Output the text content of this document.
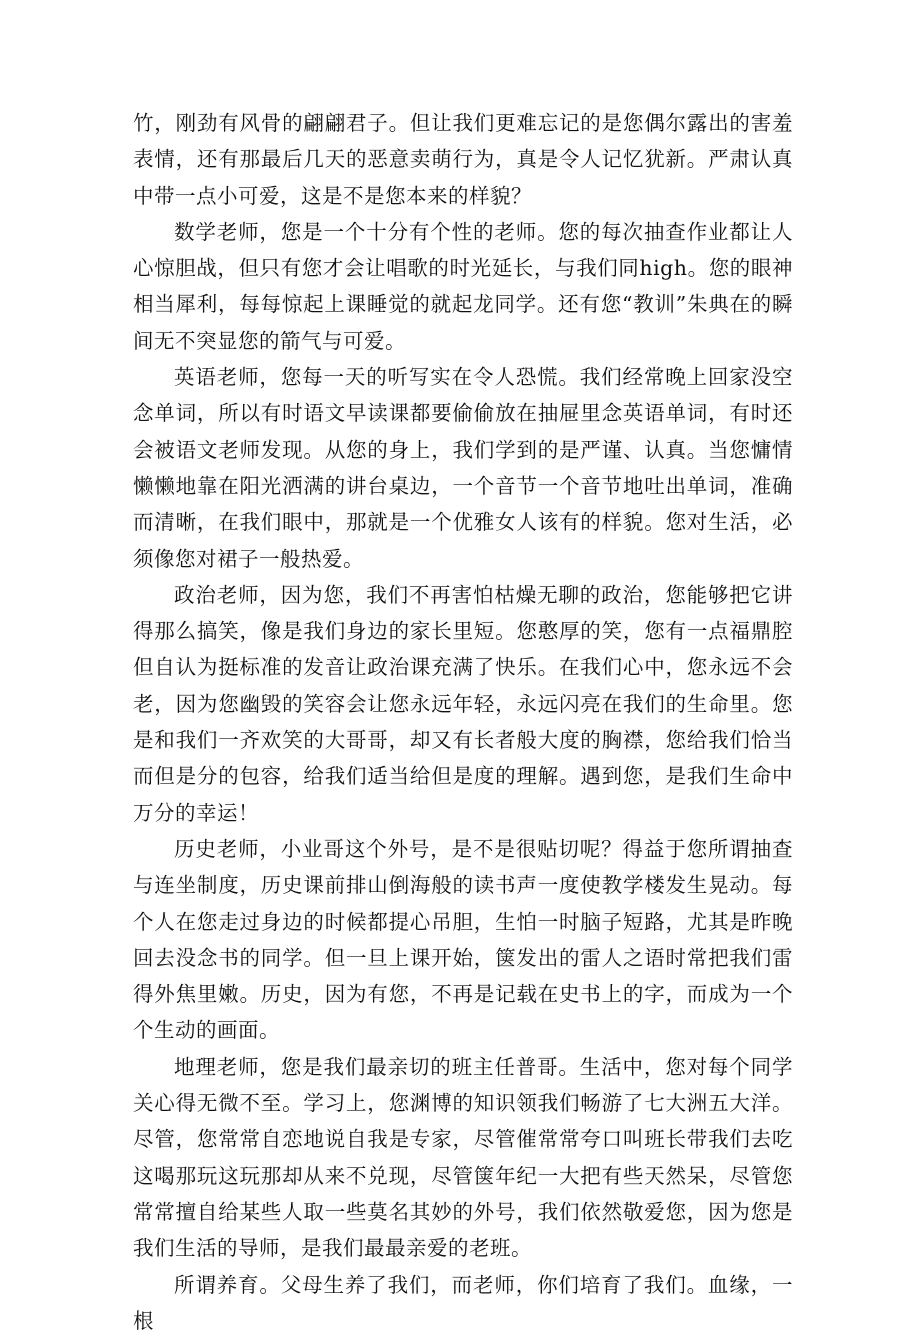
竹，刚劲有风骨的翩翩君子。但让我们更难忘记的是您偶尔露出的害羞表情，还有那最后几天的恶意卖萌行为，真是令人记忆犹新。严肃认真中带一点小可爱，这是不是您本来的样貌？

数学老师，您是一个十分有个性的老师。您的每次抽查作业都让人心惊胆战，但只有您才会让唱歌的时光延长，与我们同high。您的眼神相当犀利，每每惊起上课睡觉的就起龙同学。还有您“教训”朱典在的瞬间无不突显您的箭气与可爱。

英语老师，您每一天的听写实在令人恐慌。我们经常晚上回家没空念单词，所以有时语文早读课都要偷偷放在抽屉里念英语单词，有时还会被语文老师发现。从您的身上，我们学到的是严谨、认真。当您慵情懒懒地靠在阳光洒满的讲台桌边，一个音节一个音节地吐出单词，准确而清晰，在我们眼中，那就是一个优雅女人该有的样貌。您对生活，必须像您对裙子一般热爱。

政治老师，因为您，我们不再害怕枯燥无聊的政治，您能够把它讲得那么搞笑，像是我们身边的家长里短。您憨厚的笑，您有一点福鼎腔但自认为挺标准的发音让政治课充满了快乐。在我们心中，您永远不会老，因为您幽毁的笑容会让您永远年轻，永远闪亮在我们的生命里。您是和我们一齐欢笑的大哥哥，却又有长者般大度的胸襟，您给我们恰当而但是分的包容，给我们适当给但是度的理解。遇到您，是我们生命中万分的幸运！

历史老师，小业哥这个外号，是不是很贴切呢？得益于您所谓抽查与连坐制度，历史课前排山倒海般的读书声一度使教学楼发生晃动。每个人在您走过身边的时候都提心吊胆，生怕一时脑子短路，尤其是昨晚回去没念书的同学。但一旦上课开始，箧发出的雷人之语时常把我们雷得外焦里嫩。历史，因为有您，不再是记载在史书上的字，而成为一个个生动的画面。

地理老师，您是我们最亲切的班主任普哥。生活中，您对每个同学关心得无微不至。学习上，您渊博的知识领我们畅游了七大洲五大洋。尽管，您常常自恋地说自我是专家，尽管催常常夸口叫班长带我们去吃这喝那玩这玩那却从来不兑现，尽管箧年纪一大把有些天然呆，尽管您常常擅自给某些人取一些莫名其妙的外号，我们依然敬爱您，因为您是我们生活的导师，是我们最最亲爱的老班。

所谓养育。父母生养了我们，而老师，你们培育了我们。血缘，一根
